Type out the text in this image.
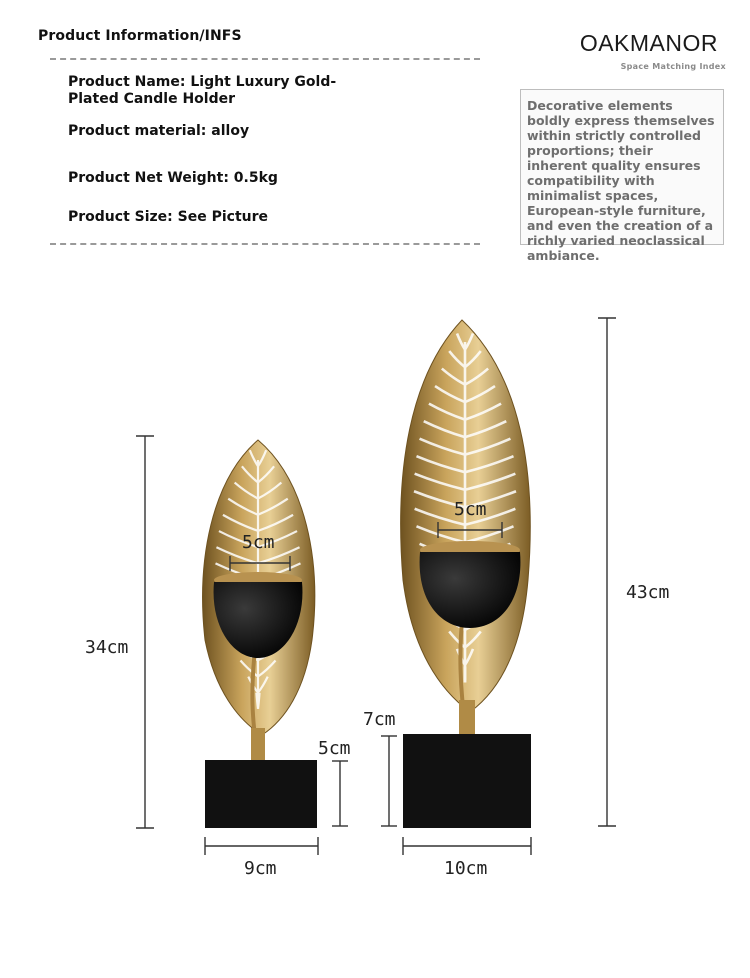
Product Information/INFS
Product Name: Light Luxury Gold-Plated Candle Holder
Product material: alloy
Product Net Weight: 0.5kg
Product Size: See Picture
OAKMANOR
Space Matching Index
Decorative elements boldly express themselves within strictly controlled proportions; their inherent quality ensures compatibility with minimalist spaces, European-style furniture, and even the creation of a richly varied neoclassical ambiance.
34cm
5cm
5cm
9cm
43cm
5cm
7cm
10cm
